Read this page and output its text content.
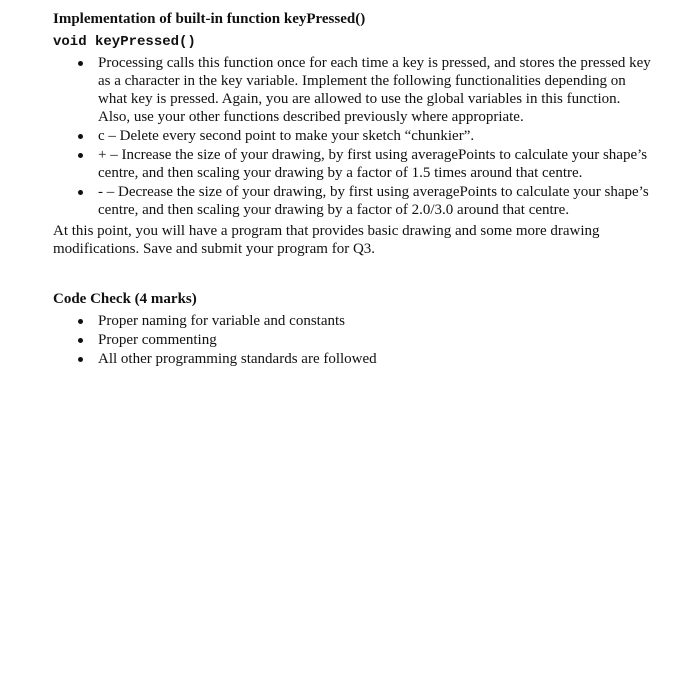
Implementation of built-in function keyPressed()

void keyPressed()

Processing calls this function once for each time a key is pressed, and stores the pressed key as a character in the key variable. Implement the following functionalities depending on what key is pressed. Again, you are allowed to use the global variables in this function. Also, use your other functions described previously where appropriate.
c – Delete every second point to make your sketch “chunkier”.
+ – Increase the size of your drawing, by first using averagePoints to calculate your shape’s centre, and then scaling your drawing by a factor of 1.5 times around that centre.
- – Decrease the size of your drawing, by first using averagePoints to calculate your shape’s centre, and then scaling your drawing by a factor of 2.0/3.0 around that centre.

At this point, you will have a program that provides basic drawing and some more drawing modifications. Save and submit your program for Q3.

Code Check (4 marks)

Proper naming for variable and constants
Proper commenting
All other programming standards are followed
